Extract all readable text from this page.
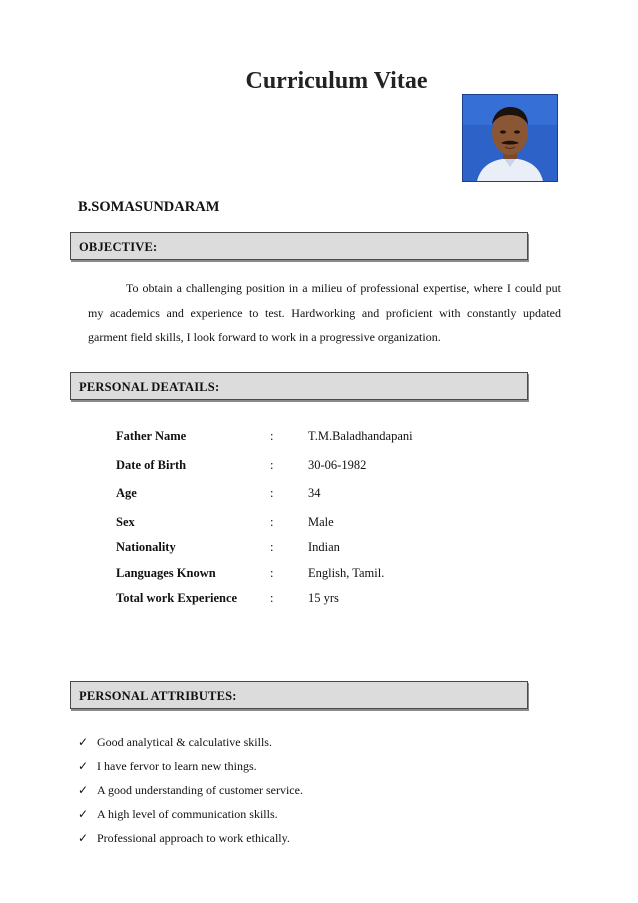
Curriculum Vitae
B.SOMASUNDARAM
OBJECTIVE:
To obtain a challenging position in a milieu of professional expertise, where I could put my academics and experience to test. Hardworking and proficient with constantly updated garment field skills, I look forward to work in a progressive organization.
PERSONAL DEATAILS:
Father Name	:	T.M.Baladhandapani
Date of Birth	:	30-06-1982
Age	:	34
Sex	:	Male
Nationality	:	Indian
Languages Known	:	English, Tamil.
Total work Experience	:	15 yrs
PERSONAL ATTRIBUTES:
✓ Good analytical & calculative skills.
✓ I have fervor to learn new things.
✓ A good understanding of customer service.
✓ A high level of communication skills.
✓ Professional approach to work ethically.
